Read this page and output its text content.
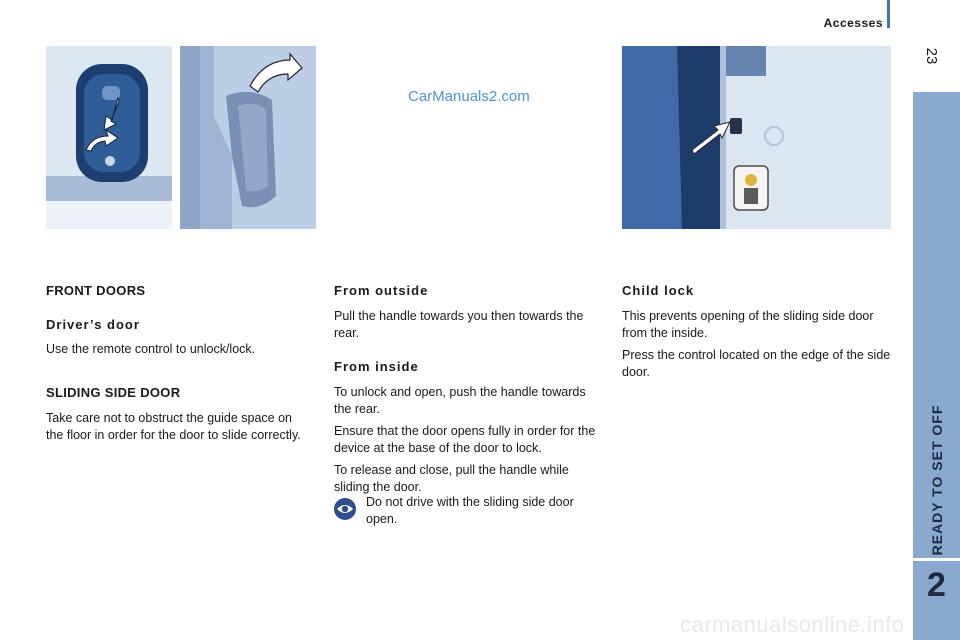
Accesses
23
READY TO SET OFF
2
CarManuals2.com
FRONT DOORS
Driver’s door

Use the remote control to unlock/lock.

SLIDING SIDE DOOR

Take care not to obstruct the guide space on the floor in order for the door to slide correctly.

From outside

Pull the handle towards you then towards the rear.

From inside

To unlock and open, push the handle towards the rear.

Ensure that the door opens fully in order for the device at the base of the door to lock.

To release and close, pull the handle while sliding the door.

Do not drive with the sliding side door open.
Child lock

This prevents opening of the sliding side door from the inside.

Press the control located on the edge of the side door.

carmanualsonline.info
